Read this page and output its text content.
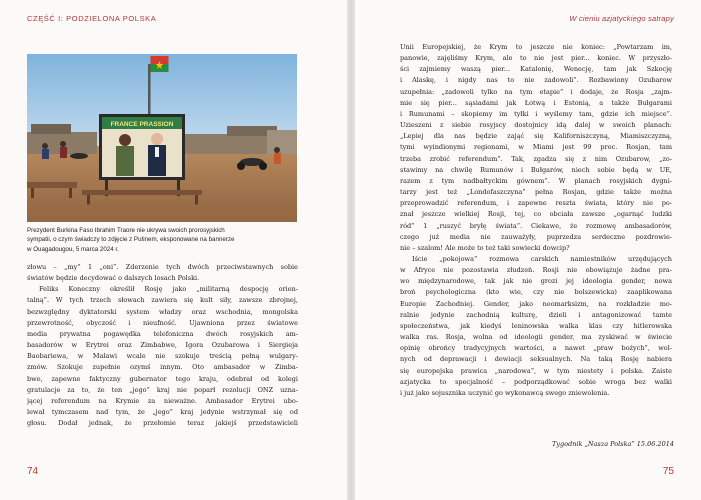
CZĘŚĆ I: PODZIELONA POLSKA
FRANCE PRASSION
Prezydent Burkina Faso Ibrahim Traore nie ukrywa swoich prorosyjskich
sympatii, o czym świadczy to zdjęcie z Putinem, eksponowane na bannerze
w Ouagadougou, 5 marca 2024 r.
złowu – „my” 1 „oni”. Zderzenie tych dwóch przeciwstawnych sobie
światów będzie decydować o dalszych losach Polski.
Feliks Koneczny określił Rosję jako „militarną despocję orien-
talną”. W tych trzech słowach zawiera się kult siły, zawsze zbrojnej,
bezwzględny dyktatorski system władzy oraz wschodnia, mongolska
przewrotność, obyczość i nieufność. Ujawniona przez światowe
media prywatna pogawędka telefoniczna dwóch rosyjskich am-
basadorów w Erytrei oraz Zimbabwe, Igora Ozubarowa i Siergieja
Baobariewa, w Malawi wcale nie szokuje treścią pełną wulgary-
zmów. Szokuje zupełnie ozymś innym. Oto ambasador w Zimba-
bwe, zapewne faktyczny gubernator tego kraju, odebrał od kolegi
gratulacje za to, że ten „jego” kraj nie poparł rezolucji ONZ uzna-
jącej referendum na Krymie za nieważne. Ambasador Erytrei ubo-
lewał tymczasem nad tym, że „jego” kraj jedynie wstrzymał się od
głosu. Dodał jednak, że przełomie teraz jakiejś przedstawicieli
74
W cieniu azjatyckiego satrapy
75
Unii Europejskiej, że Krym to jeszcze nie koniec: „Powtarzam im,
panowie, zajęliśmy Krym, ale to nie jest pier... koniec. W przyszło-
ści zajmiemy waszą pier... Katalonię, Wenecję, tam jak Szkocję
i Alaskę, i nigdy nas to nie zadowoli”. Rozbawiony Ozubarow
uzupełnia: „zadowoli tylko na tym etapie” i dodaje, że Rosja „zajm-
mie się pier... sąsiadami jak Łotwą i Estonią, a także Bułgarami
i Rumunami – skopiemy im tyłki i wyślemy tam, gdzie ich miejsce”.
Uzieszeni z siebie rosyjscy dostojnicy idą dalej w swoich planach:
„Lepiej dla nas będzie zająć się Kaliforniszczyną, Miamiszczyzną,
tymi wyindionymi regionami, w Miami jest 99 proc. Rosjan, tam
trzeba zrobić referendum”. Tak, zgadza się z nim Ozubarow, „zo-
stawimy na chwilę Rumunów i Bułgarów, niech sobie będą w UE,
razem z tym nadbałtyckim gównem”. W planach rosyjskich dygni-
tarzy jest też „Londofaszczyna” pełna Rosjan, gdzie także można
przeprowadzić referendum, i zapewne reszta świata, który nie po-
znał jeszcze wielkiej Rosji, tej, co obciała zawsze „ogarnąć ludzki
ród” 1 „ruszyć bryłę świata”. Ciekawe, że rozmowę ambasadorów,
czego już media nie zauważyły, puprzedza serdeczne pozdrowie-
nie – szalom! Ale może to też taki sowiecki dowcip?
Iście „pokojowa” rozmowa carskich namiestników urzędujących
w Afryce nie pozostawia złudzeń. Rosji nie obowiązuje żadne pra-
wo międzynarodowe, tak jak nie grozi jej ideologia gender, nowa
broń psychologiczna (kto wie, czy nie bolszewicka) zaaplikowana
Europie Zachodniej. Gender, jako neomarksizm, na rozkładzie mo-
ralnie jedynie zachodnią kulturę, dzieli i antagonizować tamte
społeczeństwa, jak kiedyś leninowska walka klas czy hitlerowska
walka ras. Rosja, wolna od ideologii gender, ma zyskiwać w świecie
opinię obrońcy tradycyjnych wartości, a nawet „praw bożych”, wol-
nych od deprawacji i dewiacji seksualnych. Na taką Rosję nabiera
się europejska prawica „narodowa”, w tym niestety i polska. Zaiste
azjatycka to specjalność – podporządkować sobie wroga bez walki
i już jako sojusznika uczynić go wykonawcą swego zniewolenia.
Tygodnik „Nasza Polska” 15.06.2014
